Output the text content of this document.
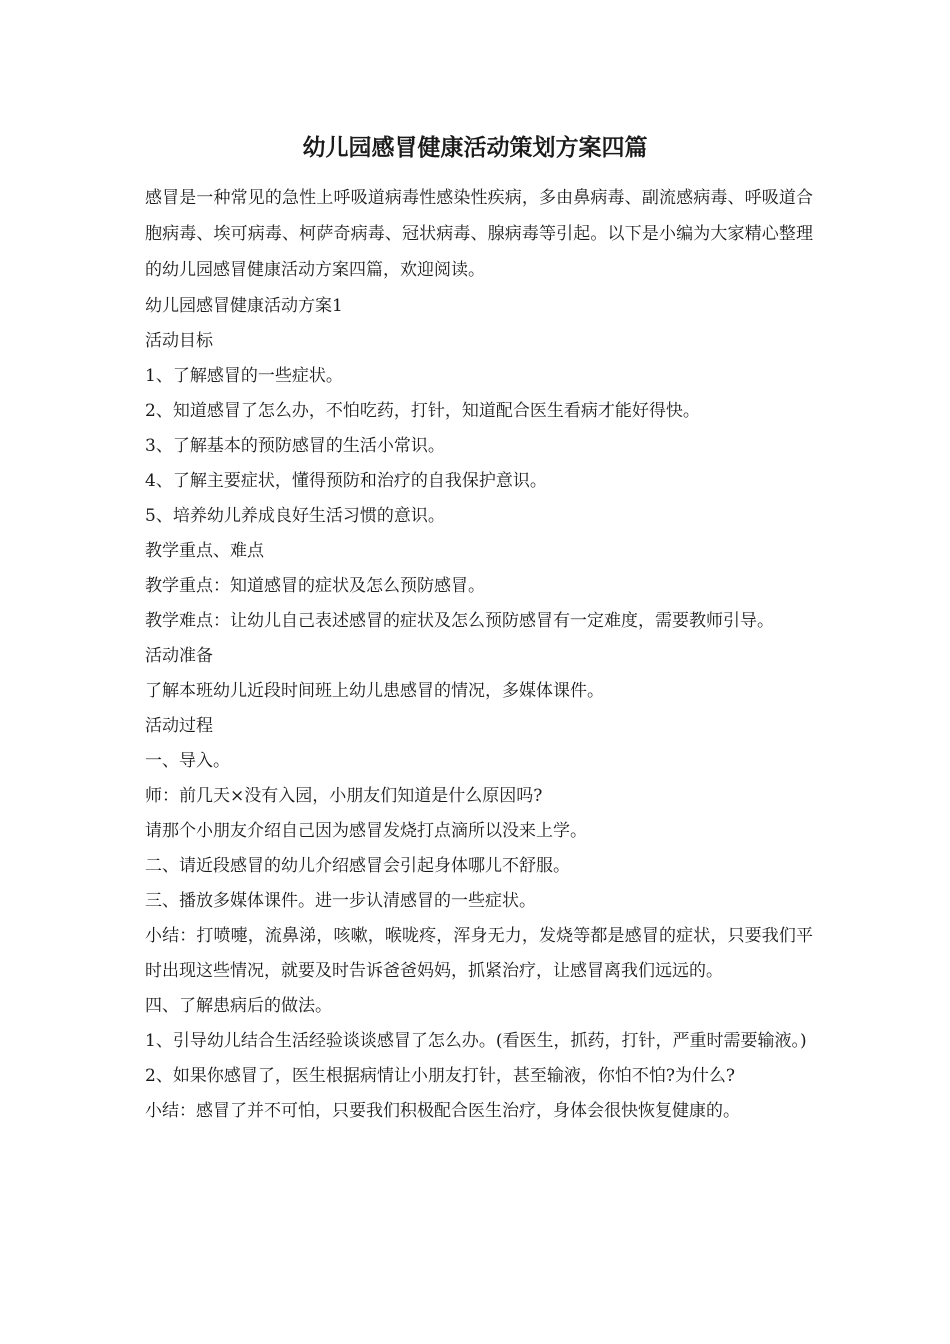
幼儿园感冒健康活动策划方案四篇

感冒是一种常见的急性上呼吸道病毒性感染性疾病，多由鼻病毒、副流感病毒、呼吸道合胞病毒、埃可病毒、柯萨奇病毒、冠状病毒、腺病毒等引起。以下是小编为大家精心整理的幼儿园感冒健康活动方案四篇，欢迎阅读。

幼儿园感冒健康活动方案1

活动目标

1、了解感冒的一些症状。

2、知道感冒了怎么办，不怕吃药，打针，知道配合医生看病才能好得快。

3、了解基本的预防感冒的生活小常识。

4、了解主要症状，懂得预防和治疗的自我保护意识。

5、培养幼儿养成良好生活习惯的意识。

教学重点、难点

教学重点：知道感冒的症状及怎么预防感冒。

教学难点：让幼儿自己表述感冒的症状及怎么预防感冒有一定难度，需要教师引导。

活动准备

了解本班幼儿近段时间班上幼儿患感冒的情况，多媒体课件。

活动过程

一、导入。

师：前几天×没有入园，小朋友们知道是什么原因吗?

请那个小朋友介绍自己因为感冒发烧打点滴所以没来上学。

二、请近段感冒的幼儿介绍感冒会引起身体哪儿不舒服。

三、播放多媒体课件。进一步认清感冒的一些症状。

小结：打喷嚏，流鼻涕，咳嗽，喉咙疼，浑身无力，发烧等都是感冒的症状，只要我们平时出现这些情况，就要及时告诉爸爸妈妈，抓紧治疗，让感冒离我们远远的。

四、了解患病后的做法。

1、引导幼儿结合生活经验谈谈感冒了怎么办。(看医生，抓药，打针，严重时需要输液。)

2、如果你感冒了，医生根据病情让小朋友打针，甚至输液，你怕不怕?为什么?

小结：感冒了并不可怕，只要我们积极配合医生治疗，身体会很快恢复健康的。
